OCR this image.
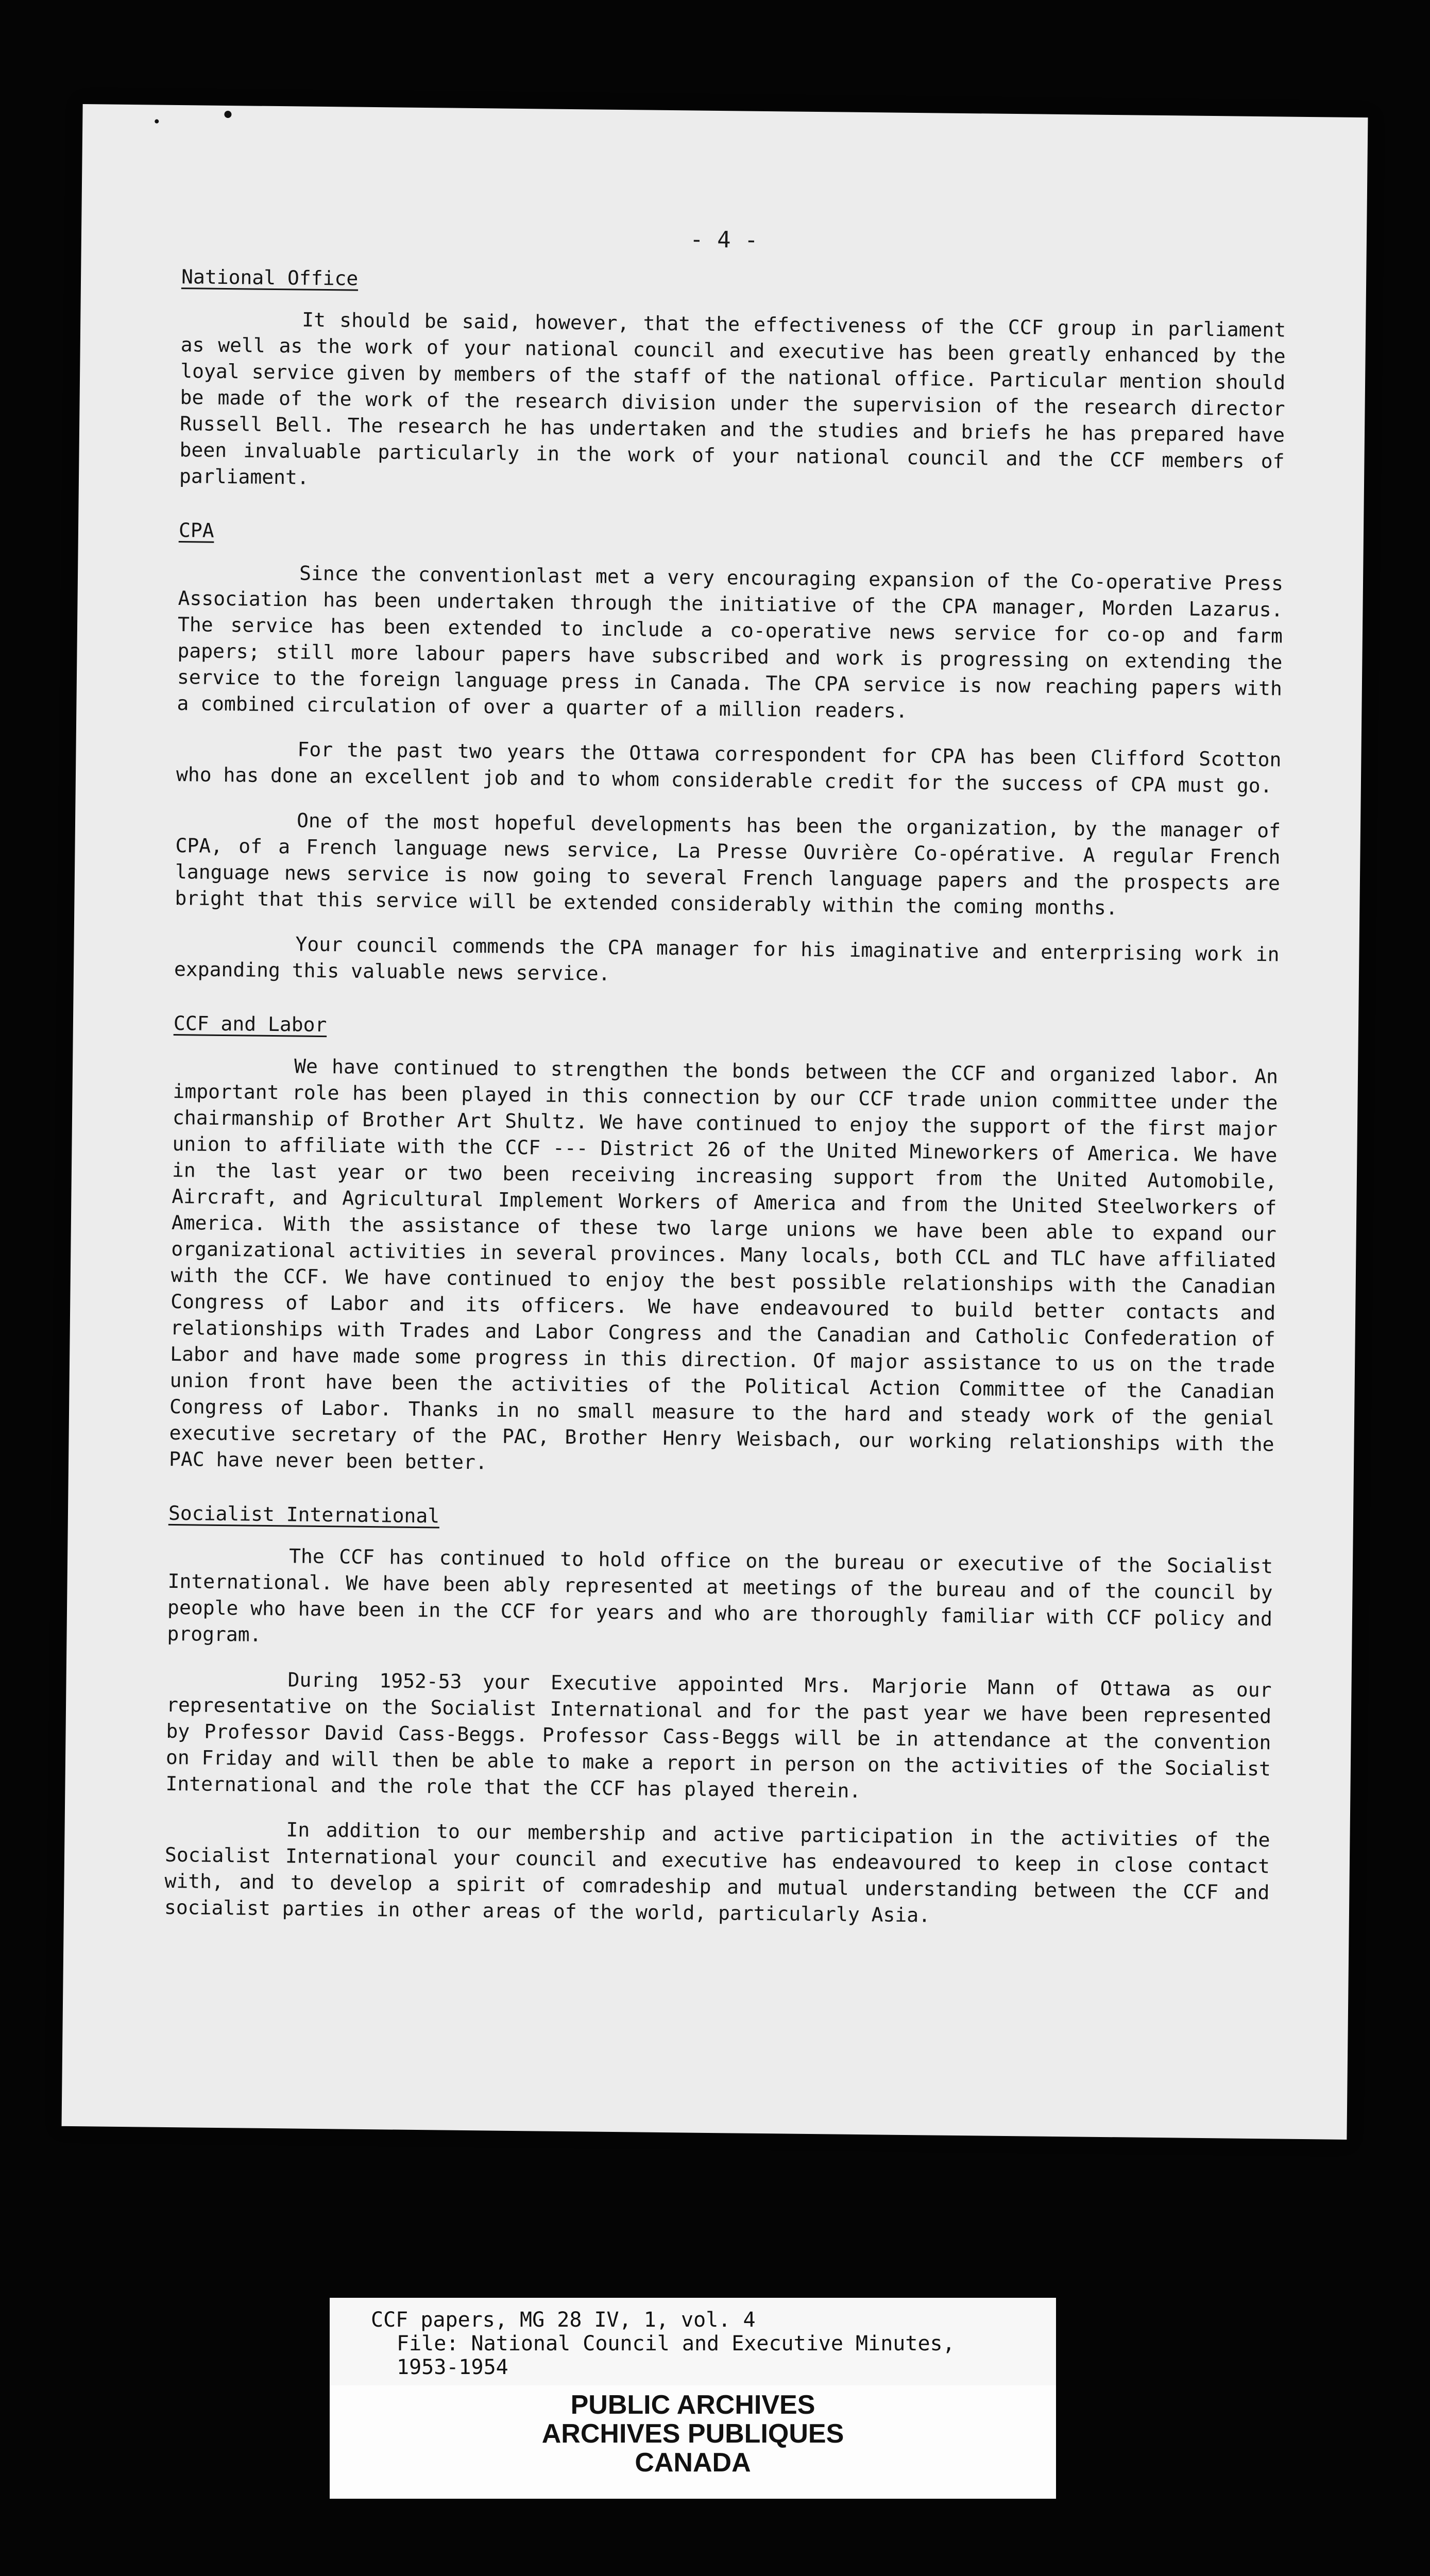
- 4 -
National Office

It should be said, however, that the effectiveness of the CCF group in parliament as well as the work of your national council and executive has been greatly enhanced by the loyal service given by members of the staff of the national office. Particular mention should be made of the work of the research division under the supervision of the research director Russell Bell. The research he has undertaken and the studies and briefs he has prepared have been invaluable particularly in the work of your national council and the CCF members of parliament.

CPA

Since the conventionlast met a very encouraging expansion of the Co-operative Press Association has been undertaken through the initiative of the CPA manager, Morden Lazarus. The service has been extended to include a co-operative news service for co-op and farm papers; still more labour papers have subscribed and work is progressing on extending the service to the foreign language press in Canada. The CPA service is now reaching papers with a combined circulation of over a quarter of a million readers.

For the past two years the Ottawa correspondent for CPA has been Clifford Scotton who has done an excellent job and to whom considerable credit for the success of CPA must go.

One of the most hopeful developments has been the organization, by the manager of CPA, of a French language news service, La Presse Ouvrière Co-opérative. A regular French language news service is now going to several French language papers and the prospects are bright that this service will be extended considerably within the coming months.

Your council commends the CPA manager for his imaginative and enterprising work in expanding this valuable news service.

CCF and Labor

We have continued to strengthen the bonds between the CCF and organized labor. An important role has been played in this connection by our CCF trade union committee under the chairmanship of Brother Art Shultz. We have continued to enjoy the support of the first major union to affiliate with the CCF --- District 26 of the United Mineworkers of America. We have in the last year or two been receiving increasing support from the United Automobile, Aircraft, and Agricultural Implement Workers of America and from the United Steelworkers of America. With the assistance of these two large unions we have been able to expand our organizational activities in several provinces. Many locals, both CCL and TLC have affiliated with the CCF. We have continued to enjoy the best possible relationships with the Canadian Congress of Labor and its officers. We have endeavoured to build better contacts and relationships with Trades and Labor Congress and the Canadian and Catholic Confederation of Labor and have made some progress in this direction. Of major assistance to us on the trade union front have been the activities of the Political Action Committee of the Canadian Congress of Labor. Thanks in no small measure to the hard and steady work of the genial executive secretary of the PAC, Brother Henry Weisbach, our working relationships with the PAC have never been better.

Socialist International

The CCF has continued to hold office on the bureau or executive of the Socialist International. We have been ably represented at meetings of the bureau and of the council by people who have been in the CCF for years and who are thoroughly familiar with CCF policy and program.

During 1952-53 your Executive appointed Mrs. Marjorie Mann of Ottawa as our representative on the Socialist International and for the past year we have been represented by Professor David Cass-Beggs. Professor Cass-Beggs will be in attendance at the convention on Friday and will then be able to make a report in person on the activities of the Socialist International and the role that the CCF has played therein.

In addition to our membership and active participation in the activities of the Socialist International your council and executive has endeavoured to keep in close contact with, and to develop a spirit of comradeship and mutual understanding between the CCF and socialist parties in other areas of the world, particularly Asia.

CCF papers, MG 28 IV, 1, vol. 4
File: National Council and Executive Minutes,
1953-1954
PUBLIC ARCHIVES
ARCHIVES PUBLIQUES
CANADA
